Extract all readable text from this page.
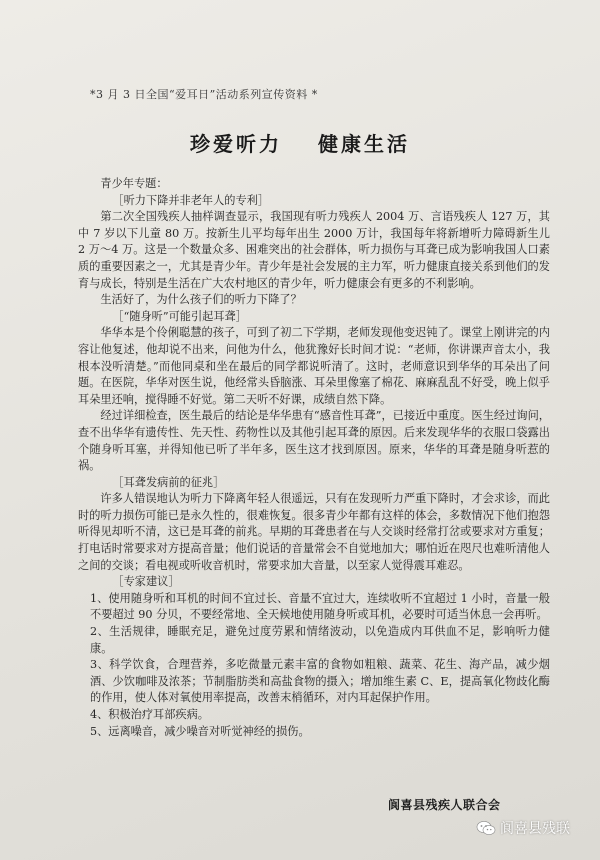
*3 月 3 日全国“爱耳日”活动系列宣传资料 *
珍爱听力 健康生活

青少年专题：

［听力下降并非老年人的专利］

第二次全国残疾人抽样调查显示，我国现有听力残疾人 2004 万、言语残疾人 127 万，其中 7 岁以下儿童 80 万。按新生儿平均每年出生 2000 万计，我国每年将新增听力障碍新生儿 2 万～4 万。这是一个数量众多、困难突出的社会群体，听力损伤与耳聋已成为影响我国人口素质的重要因素之一，尤其是青少年。青少年是社会发展的主力军，听力健康直接关系到他们的发育与成长，特别是生活在广大农村地区的青少年，听力健康会有更多的不利影响。

生活好了，为什么孩子们的听力下降了？

［“随身听”可能引起耳聋］

华华本是个伶俐聪慧的孩子，可到了初二下学期，老师发现他变迟钝了。课堂上刚讲完的内容让他复述，他却说不出来，问他为什么，他犹豫好长时间才说：“老师，你讲课声音太小，我根本没听清楚。”而他同桌和坐在最后的同学都说听清了。这时，老师意识到华华的耳朵出了问题。在医院，华华对医生说，他经常头昏脑涨、耳朵里像塞了棉花、麻麻乱乱不好受，晚上似乎耳朵里还响，搅得睡不好觉。第二天听不好课，成绩自然下降。

经过详细检查，医生最后的结论是华华患有“感音性耳聋”，已接近中重度。医生经过询问，查不出华华有遗传性、先天性、药物性以及其他引起耳聋的原因。后来发现华华的衣服口袋露出个随身听耳塞，并得知他已听了半年多，医生这才找到原因。原来，华华的耳聋是随身听惹的祸。

［耳聋发病前的征兆］

许多人错误地认为听力下降离年轻人很遥远，只有在发现听力严重下降时，才会求诊，而此时的听力损伤可能已是永久性的，很难恢复。很多青少年都有这样的体会，多数情况下他们抱怨听得见却听不清，这已是耳聋的前兆。早期的耳聋患者在与人交谈时经常打岔或要求对方重复；打电话时常要求对方提高音量；他们说话的音量常会不自觉地加大；哪怕近在咫尺也难听清他人之间的交谈；看电视或听收音机时，常要求加大音量，以至家人觉得震耳难忍。

［专家建议］

1、使用随身听和耳机的时间不宜过长、音量不宜过大，连续收听不宜超过 1 小时，音量一般不要超过 90 分贝，不要经常地、全天候地使用随身听或耳机，必要时可适当休息一会再听。

2、生活规律，睡眠充足，避免过度劳累和情绪波动，以免造成内耳供血不足，影响听力健康。

3、科学饮食，合理营养，多吃微量元素丰富的食物如粗粮、蔬菜、花生、海产品，减少烟酒、少饮咖啡及浓茶；节制脂肪类和高盐食物的摄入；增加维生素 C、E，提高氧化物歧化酶的作用，使人体对氧使用率提高，改善末梢循环，对内耳起保护作用。

4、积极治疗耳部疾病。

5、远离噪音，减少噪音对听觉神经的损伤。

阆喜县残疾人联合会
阆喜县残联
